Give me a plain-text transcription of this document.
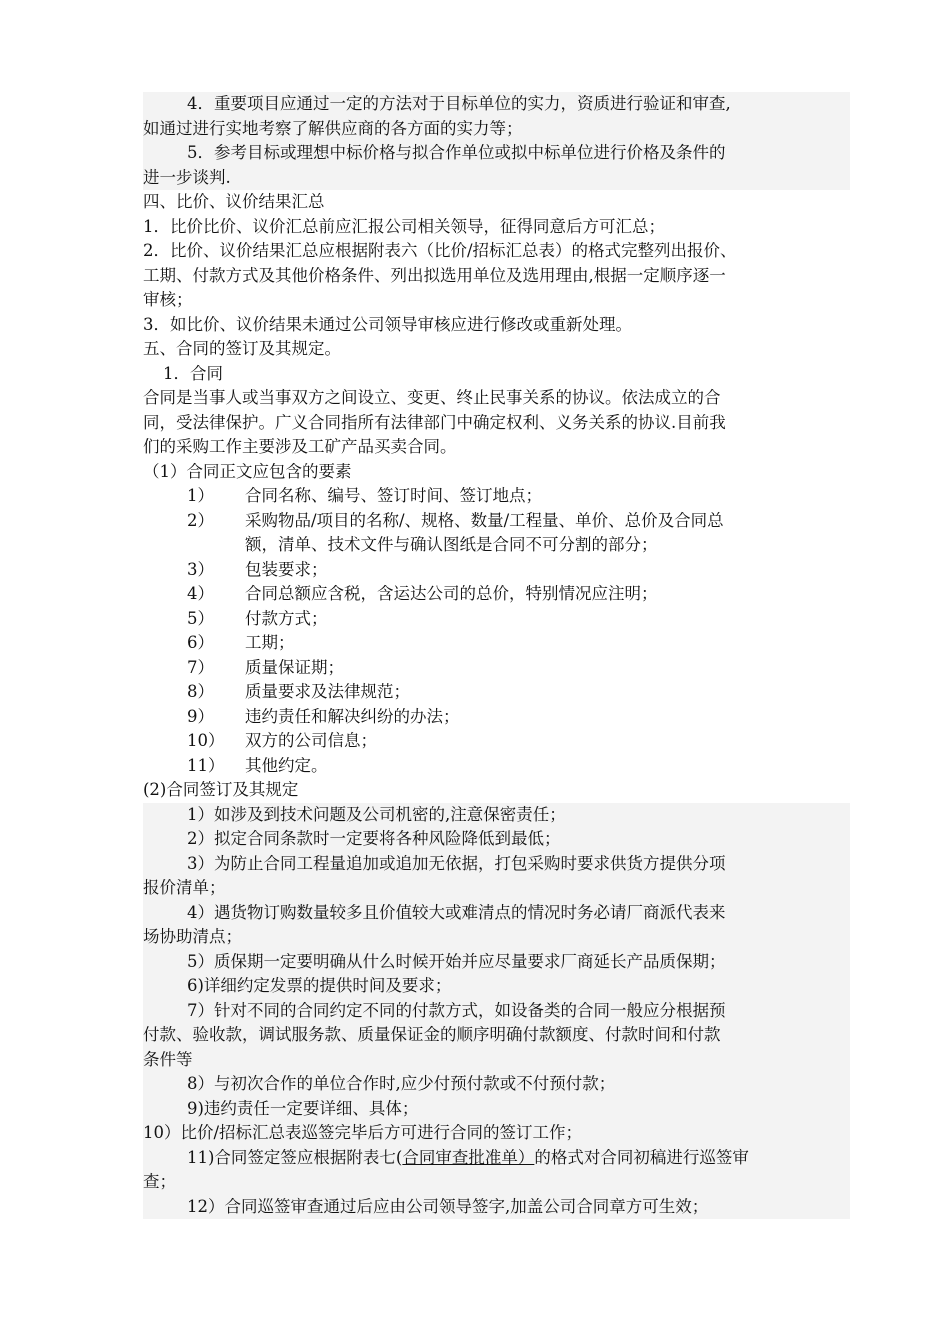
4．重要项目应通过一定的方法对于目标单位的实力，资质进行验证和审查,
如通过进行实地考察了解供应商的各方面的实力等；
5．参考目标或理想中标价格与拟合作单位或拟中标单位进行价格及条件的
进一步谈判.
四、比价、议价结果汇总
1．比价比价、议价汇总前应汇报公司相关领导，征得同意后方可汇总；
2．比价、议价结果汇总应根据附表六（比价/招标汇总表）的格式完整列出报价、
工期、付款方式及其他价格条件、列出拟选用单位及选用理由,根据一定顺序逐一
审核；
3．如比价、议价结果未通过公司领导审核应进行修改或重新处理。
五、合同的签订及其规定。
1．合同
合同是当事人或当事双方之间设立、变更、终止民事关系的协议。依法成立的合
同，受法律保护。广义合同指所有法律部门中确定权利、义务关系的协议.目前我
们的采购工作主要涉及工矿产品买卖合同。
（1）合同正文应包含的要素
1）	合同名称、编号、签订时间、签订地点；
2）	采购物品/项目的名称/、规格、数量/工程量、单价、总价及合同总
额，清单、技术文件与确认图纸是合同不可分割的部分；
3）	包装要求；
4）	合同总额应含税，含运达公司的总价，特别情况应注明；
5）	付款方式；
6）	工期；
7）	质量保证期；
8）	质量要求及法律规范；
9）	违约责任和解决纠纷的办法；
10）	双方的公司信息；
11）	其他约定。
(2)合同签订及其规定
1）如涉及到技术问题及公司机密的,注意保密责任；
2）拟定合同条款时一定要将各种风险降低到最低；
3）为防止合同工程量追加或追加无依据，打包采购时要求供货方提供分项
报价清单；
4）遇货物订购数量较多且价值较大或难清点的情况时务必请厂商派代表来
场协助清点；
5）质保期一定要明确从什么时候开始并应尽量要求厂商延长产品质保期；
6)详细约定发票的提供时间及要求；
7）针对不同的合同约定不同的付款方式，如设备类的合同一般应分根据预
付款、验收款，调试服务款、质量保证金的顺序明确付款额度、付款时间和付款
条件等
8）与初次合作的单位合作时,应少付预付款或不付预付款；
9)违约责任一定要详细、具体；
10）比价/招标汇总表巡签完毕后方可进行合同的签订工作；
11)合同签定签应根据附表七(合同审查批准单）的格式对合同初稿进行巡签审
查；
12）合同巡签审查通过后应由公司领导签字,加盖公司合同章方可生效；
